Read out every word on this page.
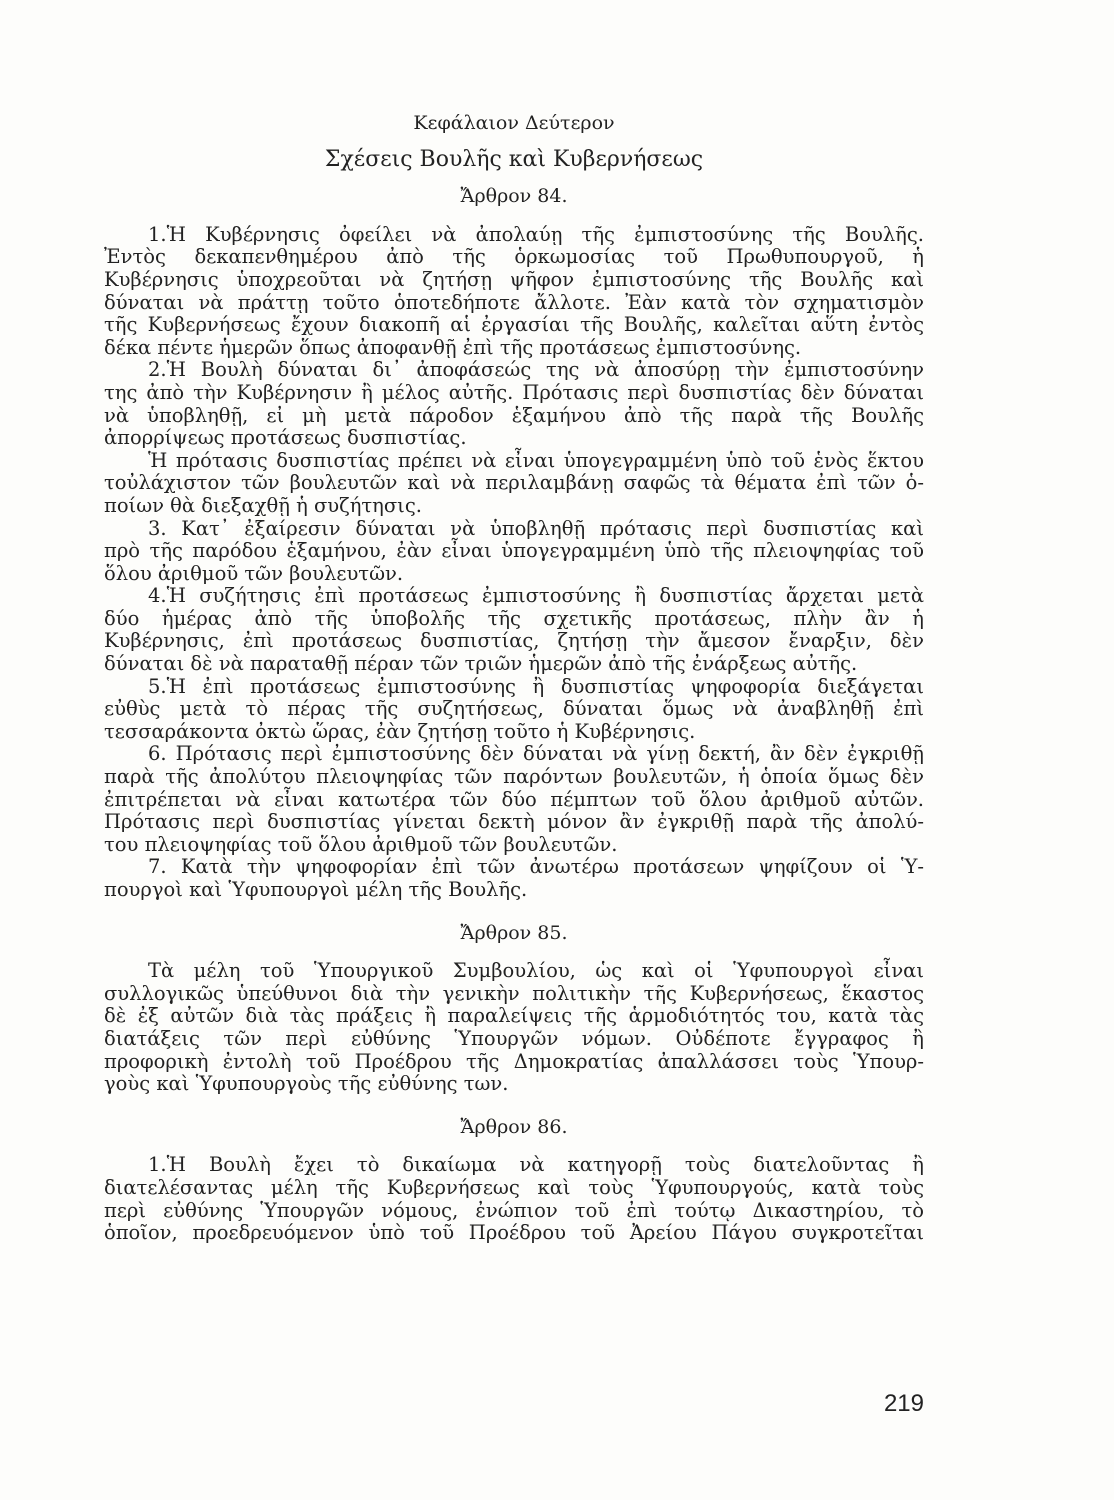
Κεφάλαιον Δεύτερον
Σχέσεις Βουλῆς καὶ Κυβερνήσεως
Ἄρθρον 84.
1.Ἡ Κυβέρνησις ὀφείλει νὰ ἀπολαύῃ τῆς ἐμπιστοσύνης τῆς Βουλῆς.
Ἐντὸς δεκαπενθημέρου ἀπὸ τῆς ὁρκωμοσίας τοῦ Πρωθυπουργοῦ, ἡ
Κυβέρνησις ὑποχρεοῦται νὰ ζητήσῃ ψῆφον ἐμπιστοσύνης τῆς Βουλῆς καὶ
δύναται νὰ πράττῃ τοῦτο ὁποτεδήποτε ἄλλοτε. Ἐὰν κατὰ τὸν σχηματισμὸν
τῆς Κυβερνήσεως ἔχουν διακοπῆ αἱ ἐργασίαι τῆς Βουλῆς, καλεῖται αὕτη ἐντὸς
δέκα πέντε ἡμερῶν ὅπως ἀποφανθῇ ἐπὶ τῆς προτάσεως ἐμπιστοσύνης.
2.Ἡ Βουλὴ δύναται δι᾽ ἀποφάσεώς της νὰ ἀποσύρῃ τὴν ἐμπιστοσύνην
της ἀπὸ τὴν Κυβέρνησιν ἢ μέλος αὐτῆς. Πρότασις περὶ δυσπιστίας δὲν δύναται
νὰ ὑποβληθῇ, εἰ μὴ μετὰ πάροδον ἑξαμήνου ἀπὸ τῆς παρὰ τῆς Βουλῆς
ἀπορρίψεως προτάσεως δυσπιστίας.
Ἡ πρότασις δυσπιστίας πρέπει νὰ εἶναι ὑπογεγραμμένη ὑπὸ τοῦ ἑνὸς ἕκτου
τοὐλάχιστον τῶν βουλευτῶν καὶ νὰ περιλαμβάνῃ σαφῶς τὰ θέματα ἐπὶ τῶν ὁ-
ποίων θὰ διεξαχθῇ ἡ συζήτησις.
3. Κατ᾽ ἐξαίρεσιν δύναται νὰ ὑποβληθῇ πρότασις περὶ δυσπιστίας καὶ
πρὸ τῆς παρόδου ἑξαμήνου, ἐὰν εἶναι ὑπογεγραμμένη ὑπὸ τῆς πλειοψηφίας τοῦ
ὅλου ἀριθμοῦ τῶν βουλευτῶν.
4.Ἡ συζήτησις ἐπὶ προτάσεως ἐμπιστοσύνης ἢ δυσπιστίας ἄρχεται μετὰ
δύο ἡμέρας ἀπὸ τῆς ὑποβολῆς τῆς σχετικῆς προτάσεως, πλὴν ἂν ἡ
Κυβέρνησις, ἐπὶ προτάσεως δυσπιστίας, ζητήσῃ τὴν ἄμεσον ἔναρξιν, δὲν
δύναται δὲ νὰ παραταθῇ πέραν τῶν τριῶν ἡμερῶν ἀπὸ τῆς ἐνάρξεως αὐτῆς.
5.Ἡ ἐπὶ προτάσεως ἐμπιστοσύνης ἢ δυσπιστίας ψηφοφορία διεξάγεται
εὐθὺς μετὰ τὸ πέρας τῆς συζητήσεως, δύναται ὅμως νὰ ἀναβληθῇ ἐπὶ
τεσσαράκοντα ὀκτὼ ὥρας, ἐὰν ζητήσῃ τοῦτο ἡ Κυβέρνησις.
6. Πρότασις περὶ ἐμπιστοσύνης δὲν δύναται νὰ γίνῃ δεκτή, ἂν δὲν ἐγκριθῇ
παρὰ τῆς ἀπολύτου πλειοψηφίας τῶν παρόντων βουλευτῶν, ἡ ὁποία ὅμως δὲν
ἐπιτρέπεται νὰ εἶναι κατωτέρα τῶν δύο πέμπτων τοῦ ὅλου ἀριθμοῦ αὐτῶν.
Πρότασις περὶ δυσπιστίας γίνεται δεκτὴ μόνον ἂν ἐγκριθῇ παρὰ τῆς ἀπολύ-
του πλειοψηφίας τοῦ ὅλου ἀριθμοῦ τῶν βουλευτῶν.
7. Κατὰ τὴν ψηφοφορίαν ἐπὶ τῶν ἀνωτέρω προτάσεων ψηφίζουν οἱ Ὑ-
πουργοὶ καὶ Ὑφυπουργοὶ μέλη τῆς Βουλῆς.
Ἄρθρον 85.
Τὰ μέλη τοῦ Ὑπουργικοῦ Συμβουλίου, ὡς καὶ οἱ Ὑφυπουργοὶ εἶναι
συλλογικῶς ὑπεύθυνοι διὰ τὴν γενικὴν πολιτικὴν τῆς Κυβερνήσεως, ἕκαστος
δὲ ἐξ αὐτῶν διὰ τὰς πράξεις ἢ παραλείψεις τῆς ἁρμοδιότητός του, κατὰ τὰς
διατάξεις τῶν περὶ εὐθύνης Ὑπουργῶν νόμων. Οὐδέποτε ἔγγραφος ἢ
προφορικὴ ἐντολὴ τοῦ Προέδρου τῆς Δημοκρατίας ἀπαλλάσσει τοὺς Ὑπουρ-
γοὺς καὶ Ὑφυπουργοὺς τῆς εὐθύνης των.
Ἄρθρον 86.
1.Ἡ Βουλὴ ἔχει τὸ δικαίωμα νὰ κατηγορῇ τοὺς διατελοῦντας ἢ
διατελέσαντας μέλη τῆς Κυβερνήσεως καὶ τοὺς Ὑφυπουργούς, κατὰ τοὺς
περὶ εὐθύνης Ὑπουργῶν νόμους, ἐνώπιον τοῦ ἐπὶ τούτῳ Δικαστηρίου, τὸ
ὁποῖον, προεδρευόμενον ὑπὸ τοῦ Προέδρου τοῦ Ἀρείου Πάγου συγκροτεῖται
219
